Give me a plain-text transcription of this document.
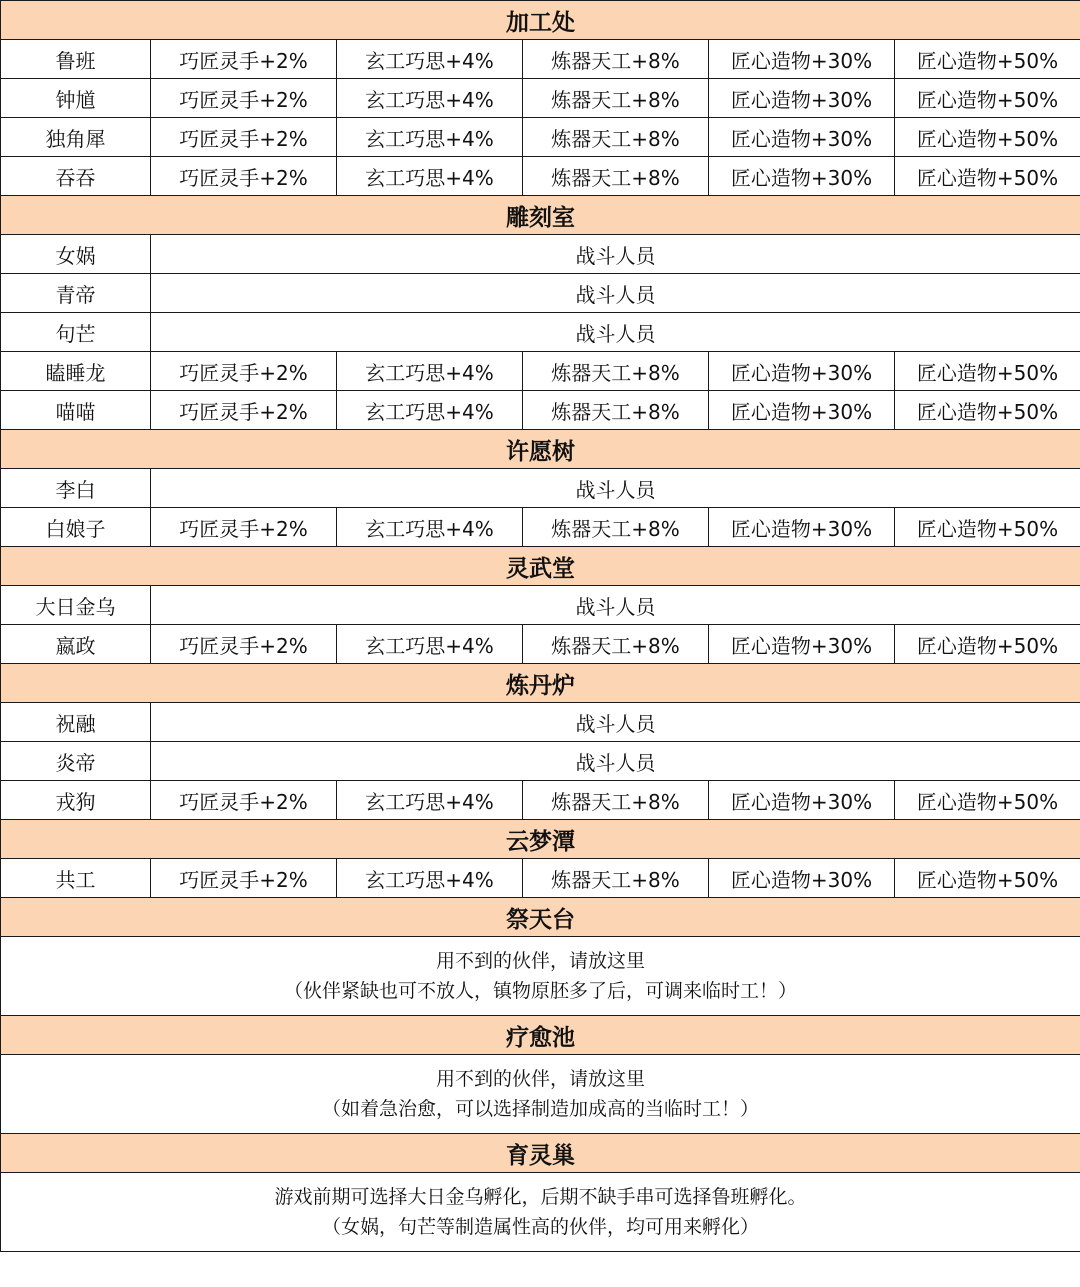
加工处					
鲁班	巧匠灵手+2%	玄工巧思+4%	炼器天工+8%	匠心造物+30%	匠心造物+50%
钟馗	巧匠灵手+2%	玄工巧思+4%	炼器天工+8%	匠心造物+30%	匠心造物+50%
独角犀	巧匠灵手+2%	玄工巧思+4%	炼器天工+8%	匠心造物+30%	匠心造物+50%
吞吞	巧匠灵手+2%	玄工巧思+4%	炼器天工+8%	匠心造物+30%	匠心造物+50%
雕刻室					
女娲	战斗人员				
青帝	战斗人员				
句芒	战斗人员				
瞌睡龙	巧匠灵手+2%	玄工巧思+4%	炼器天工+8%	匠心造物+30%	匠心造物+50%
喵喵	巧匠灵手+2%	玄工巧思+4%	炼器天工+8%	匠心造物+30%	匠心造物+50%
许愿树					
李白	战斗人员				
白娘子	巧匠灵手+2%	玄工巧思+4%	炼器天工+8%	匠心造物+30%	匠心造物+50%
灵武堂					
大日金乌	战斗人员				
嬴政	巧匠灵手+2%	玄工巧思+4%	炼器天工+8%	匠心造物+30%	匠心造物+50%
炼丹炉					
祝融	战斗人员				
炎帝	战斗人员				
戎狗	巧匠灵手+2%	玄工巧思+4%	炼器天工+8%	匠心造物+30%	匠心造物+50%
云梦潭					
共工	巧匠灵手+2%	玄工巧思+4%	炼器天工+8%	匠心造物+30%	匠心造物+50%
祭天台					

用不到的伙伴，请放这里
（伙伴紧缺也可不放人，镇物原胚多了后，可调来临时工！）					

疗愈池					

用不到的伙伴，请放这里
（如着急治愈，可以选择制造加成高的当临时工！）					

育灵巢					

游戏前期可选择大日金乌孵化，后期不缺手串可选择鲁班孵化。
（女娲，句芒等制造属性高的伙伴，均可用来孵化）					
